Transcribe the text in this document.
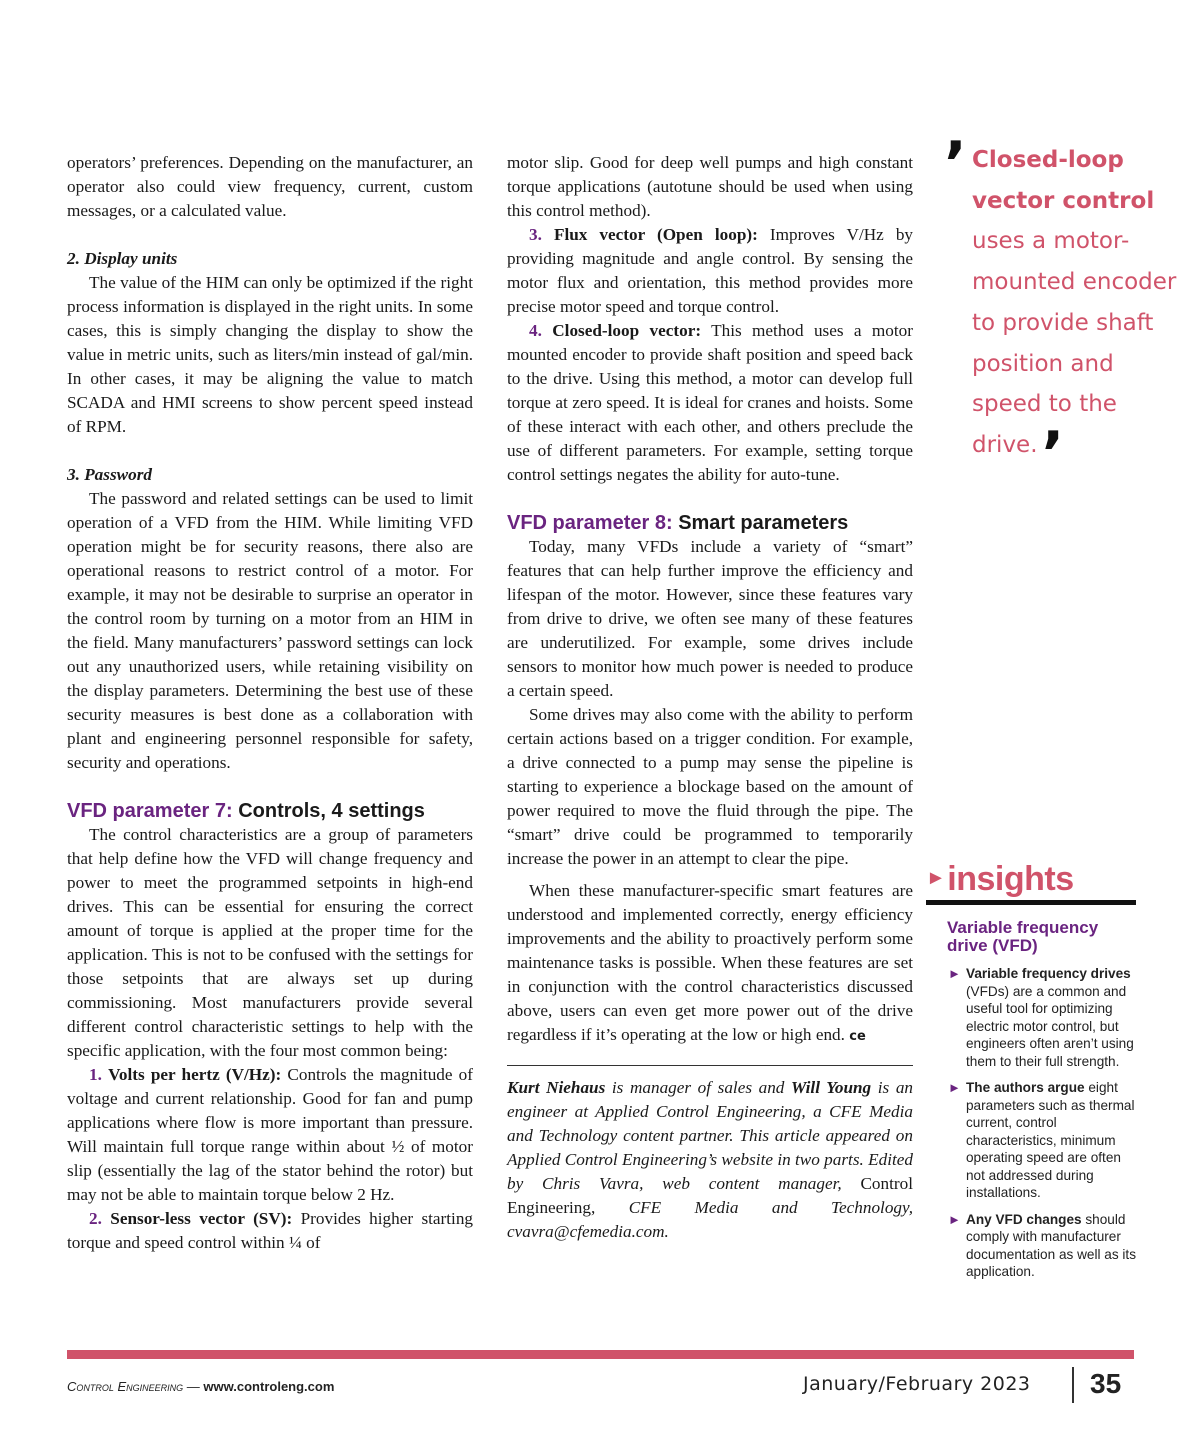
operators’ preferences. Depending on the manufacturer, an operator also could view frequency, current, custom messages, or a calculated value.

2. Display units

The value of the HIM can only be optimized if the right process information is displayed in the right units. In some cases, this is simply changing the display to show the value in metric units, such as liters/min instead of gal/min. In other cases, it may be aligning the value to match SCADA and HMI screens to show percent speed instead of RPM.

3. Password

The password and related settings can be used to limit operation of a VFD from the HIM. While limiting VFD operation might be for security reasons, there also are operational reasons to restrict control of a motor. For example, it may not be desirable to surprise an operator in the control room by turning on a motor from an HIM in the field. Many manufacturers’ password settings can lock out any unauthorized users, while retaining visibility on the display parameters. Determining the best use of these security measures is best done as a collaboration with plant and engineering personnel responsible for safety, security and operations.

VFD parameter 7: Controls, 4 settings

The control characteristics are a group of parameters that help define how the VFD will change frequency and power to meet the programmed setpoints in high-end drives. This can be essential for ensuring the correct amount of torque is applied at the proper time for the application. This is not to be confused with the settings for those setpoints that are always set up during commissioning. Most manufacturers provide several different control characteristic settings to help with the specific application, with the four most common being:

1. Volts per hertz (V/Hz): Controls the magnitude of voltage and current relationship. Good for fan and pump applications where flow is more important than pressure. Will maintain full torque range within about ½ of motor slip (essentially the lag of the stator behind the rotor) but may not be able to maintain torque below 2 Hz.

2. Sensor-less vector (SV): Provides higher starting torque and speed control within ¼ of

motor slip. Good for deep well pumps and high constant torque applications (autotune should be used when using this control method).

3. Flux vector (Open loop): Improves V/Hz by providing magnitude and angle control. By sensing the motor flux and orientation, this method provides more precise motor speed and torque control.

4. Closed-loop vector: This method uses a motor mounted encoder to provide shaft position and speed back to the drive. Using this method, a motor can develop full torque at zero speed. It is ideal for cranes and hoists. Some of these interact with each other, and others preclude the use of different parameters. For example, setting torque control settings negates the ability for auto-tune.

VFD parameter 8: Smart parameters

Today, many VFDs include a variety of “smart” features that can help further improve the efficiency and lifespan of the motor. However, since these features vary from drive to drive, we often see many of these features are underutilized. For example, some drives include sensors to monitor how much power is needed to produce a certain speed.

Some drives may also come with the ability to perform certain actions based on a trigger condition. For example, a drive connected to a pump may sense the pipeline is starting to experience a blockage based on the amount of power required to move the fluid through the pipe. The “smart” drive could be programmed to temporarily increase the power in an attempt to clear the pipe.

When these manufacturer-specific smart features are understood and implemented correctly, energy efficiency improvements and the ability to proactively perform some maintenance tasks is possible. When these features are set in conjunction with the control characteristics discussed above, users can even get more power out of the drive regardless if it’s operating at the low or high end. ce

Kurt Niehaus is manager of sales and Will Young is an engineer at Applied Control Engineering, a CFE Media and Technology content partner. This article appeared on Applied Control Engineering’s website in two parts. Edited by Chris Vavra, web content manager, Control Engineering, CFE Media and Technology, cvavra@cfemedia.com.

’ Closed-loop vector control uses a motor-mounted encoder to provide shaft position and speed to the drive.’
►insights
Variable frequency drive (VFD)
► Variable frequency drives (VFDs) are a common and useful tool for optimizing electric motor control, but engineers often aren’t using them to their full strength.
► The authors argue eight parameters such as thermal current, control characteristics, minimum operating speed are often not addressed during installations.
► Any VFD changes should comply with manufacturer documentation as well as its application.
Control Engineering — www.controleng.com	January/February 2023 35
